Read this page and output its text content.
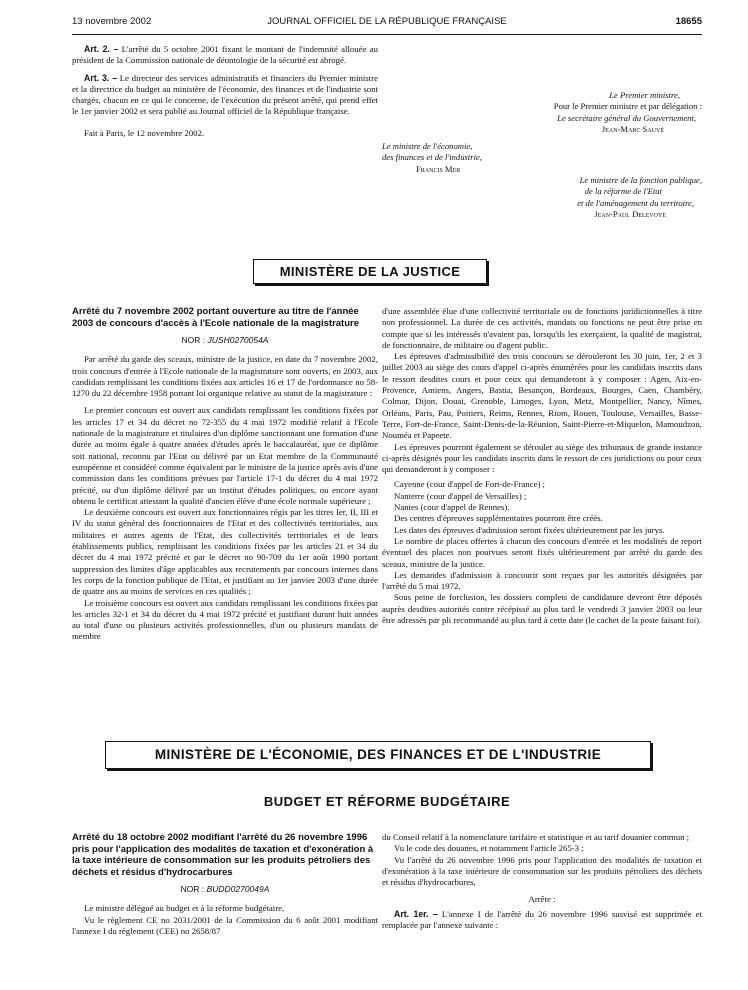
13 novembre 2002	JOURNAL OFFICIEL DE LA RÉPUBLIQUE FRANÇAISE	18655

Art. 2. – L'arrêté du 5 octobre 2001 fixant le montant de l'indemnité allouée au président de la Commission nationale de déontologie de la sécurité est abrogé.

Art. 3. – Le directeur des services administratifs et financiers du Premier ministre et la directrice du budget au ministère de l'économie, des finances et de l'industrie sont chargés, chacun en ce qui le concerne, de l'exécution du présent arrêté, qui prend effet le 1er janvier 2002 et sera publié au Journal officiel de la République française.

Fait à Paris, le 12 novembre 2002.

Le Premier ministre,
Pour le Premier ministre et par délégation :
Le secrétaire général du Gouvernement,
Jean-Marc Sauvé
Le ministre de l'économie,
des finances et de l'industrie,
Francis Mer
Le ministre de la fonction publique,
de la réforme de l'Etat
et de l'aménagement du territoire,
Jean-Paul Delevoye
MINISTÈRE DE LA JUSTICE
Arrêté du 7 novembre 2002 portant ouverture au titre de l'année 2003 de concours d'accès à l'Ecole nationale de la magistrature
NOR : JUSH0270054A

Par arrêté du garde des sceaux, ministre de la justice, en date du 7 novembre 2002, trois concours d'entrée à l'Ecole nationale de la magistrature sont ouverts, en 2003, aux candidats remplissant les conditions fixées aux articles 16 et 17 de l'ordonnance no 58-1270 du 22 décembre 1958 portant loi organique relative au statut de la magistrature :

Le premier concours est ouvert aux candidats remplissant les conditions fixées par les articles 17 et 34 du décret no 72-355 du 4 mai 1972 modifié relatif à l'Ecole nationale de la magistrature et titulaires d'un diplôme sanctionnant une formation d'une durée au moins égale à quatre années d'études après le baccalauréat, que ce diplôme soit national, reconnu par l'Etat ou délivré par un Etat membre de la Communauté européenne et considéré comme équivalent par le ministre de la justice après avis d'une commission dans les conditions prévues par l'article 17-1 du décret du 4 mai 1972 précité, ou d'un diplôme délivré par un institut d'études politiques, ou encore ayant obtenu le certificat attestant la qualité d'ancien élève d'une école normale supérieure ;

Le deuxième concours est ouvert aux fonctionnaires régis par les titres Ier, II, III et IV du statut général des fonctionnaires de l'Etat et des collectivités territoriales, aux militaires et autres agents de l'Etat, des collectivités territoriales et de leurs établissements publics, remplissant les conditions fixées par les articles 21 et 34 du décret du 4 mai 1972 précité et par le décret no 90-709 du 1er août 1990 portant suppression des limites d'âge applicables aux recrutements par concours internes dans les corps de la fonction publique de l'Etat, et justifiant au 1er janvier 2003 d'une durée de quatre ans au moins de services en ces qualités ;

Le troisième concours est ouvert aux candidats remplissant les conditions fixées par les articles 32-1 et 34 du décret du 4 mai 1972 précité et justifiant durant huit années au total d'une ou plusieurs activités professionnelles, d'un ou plusieurs mandats de membre

d'une assemblée élue d'une collectivité territoriale ou de fonctions juridictionnelles à titre non professionnel. La durée de ces activités, mandats ou fonctions ne peut être prise en compte que si les intéressés n'avaient pas, lorsqu'ils les exerçaient, la qualité de magistrat, de fonctionnaire, de militaire ou d'agent public.

Les épreuves d'admissibilité des trois concours se dérouleront les 30 juin, 1er, 2 et 3 juillet 2003 au siège des cours d'appel ci-après énumérées pour les candidats inscrits dans le ressort desdites cours et pour ceux qui demanderont à y composer : Agen, Aix-en-Provence, Amiens, Angers, Bastia, Besançon, Bordeaux, Bourges, Caen, Chambéry, Colmar, Dijon, Douai, Grenoble, Limoges, Lyon, Metz, Montpellier, Nancy, Nîmes, Orléans, Paris, Pau, Poitiers, Reims, Rennes, Riom, Rouen, Toulouse, Versailles, Basse-Terre, Fort-de-France, Saint-Denis-de-la-Réunion, Saint-Pierre-et-Miquelon, Mamoudzou, Nouméa et Papeete.

Les épreuves pourront également se dérouler au siège des tribunaux de grande instance ci-après désignés pour les candidats inscrits dans le ressort de ces juridictions ou pour ceux qui demanderont à y composer :

Cayenne (cour d'appel de Fort-de-France) ;

Nanterre (cour d'appel de Versailles) ;

Nantes (cour d'appel de Rennes).

Des centres d'épreuves supplémentaires pourront être créés.

Les dates des épreuves d'admission seront fixées ultérieurement par les jurys.

Le nombre de places offertes à chacun des concours d'entrée et les modalités de report éventuel des places non pourvues seront fixés ultérieurement par arrêté du garde des sceaux, ministre de la justice.

Les demandes d'admission à concourir sont reçues par les autorités désignées par l'arrêté du 5 mai 1972.

Sous peine de forclusion, les dossiers complets de candidature devront être déposés auprès desdites autorités contre récépissé au plus tard le vendredi 3 janvier 2003 ou leur être adressés par pli recommandé au plus tard à cette date (le cachet de la poste faisant foi).

MINISTÈRE DE L'ÉCONOMIE, DES FINANCES ET DE L'INDUSTRIE
BUDGET ET RÉFORME BUDGÉTAIRE
Arrêté du 18 octobre 2002 modifiant l'arrêté du 26 novembre 1996 pris pour l'application des modalités de taxation et d'exonération à la taxe intérieure de consommation sur les produits pétroliers des déchets et résidus d'hydrocarbures
NOR : BUDD0270049A

Le ministre délégué au budget et à la réforme budgétaire,

Vu le règlement CE no 2031/2001 de la Commission du 6 août 2001 modifiant l'annexe I du règlement (CEE) no 2658/87

du Conseil relatif à la nomenclature tarifaire et statistique et au tarif douanier commun ;

Vu le code des douanes, et notamment l'article 265-3 ;

Vu l'arrêté du 26 novembre 1996 pris pour l'application des modalités de taxation et d'exonération à la taxe intérieure de consommation sur les produits pétroliers des déchets et résidus d'hydrocarbures,

Arrête :

Art. 1er. – L'annexe I de l'arrêté du 26 novembre 1996 susvisé est supprimée et remplacée par l'annexe suivante :
